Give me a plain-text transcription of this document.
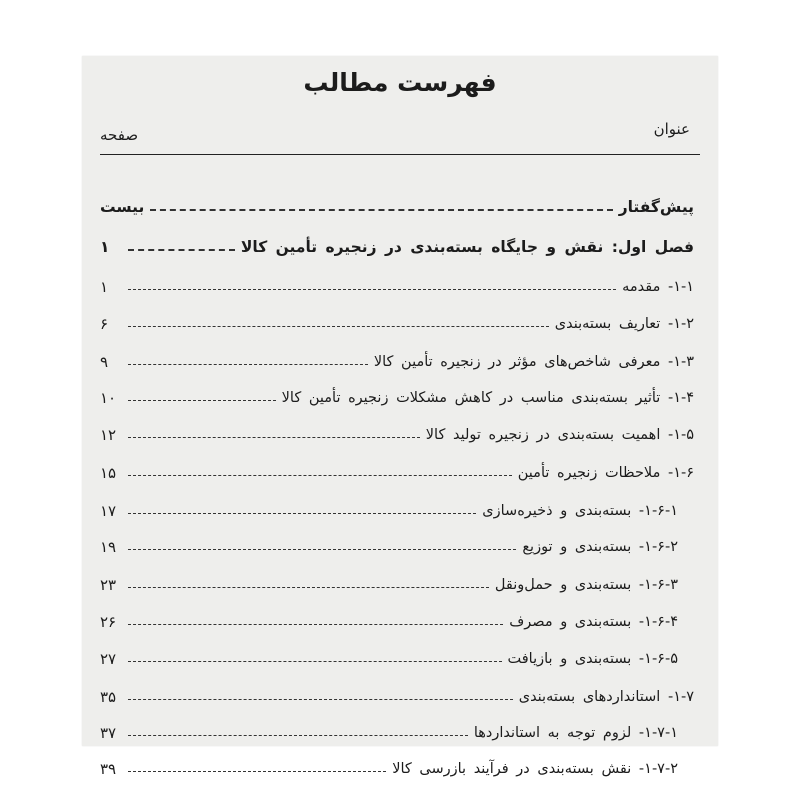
فهرست مطالب
عنوان
صفحه
پیش‌گفتار
بیست
فصل اول: نقش و جایگاه بسته‌بندی در زنجیره تأمین کالا
۱
۱-۱- مقدمه
۱
۱-۲- تعاریف بسته‌بندی
۶
۱-۳- معرفی شاخص‌های مؤثر در زنجیره تأمین کالا
۹
۱-۴- تأثیر بسته‌بندی مناسب در کاهش مشکلات زنجیره تأمین کالا
۱۰
۱-۵- اهمیت بسته‌بندی در زنجیره تولید کالا
۱۲
۱-۶- ملاحظات زنجیره تأمین
۱۵
۱-۶-۱- بسته‌بندی و ذخیره‌سازی
۱۷
۱-۶-۲- بسته‌بندی و توزیع
۱۹
۱-۶-۳- بسته‌بندی و حمل‌ونقل
۲۳
۱-۶-۴- بسته‌بندی و مصرف
۲۶
۱-۶-۵- بسته‌بندی و بازیافت
۲۷
۱-۷- استانداردهای بسته‌بندی
۳۵
۱-۷-۱- لزوم توجه به استانداردها
۳۷
۱-۷-۲- نقش بسته‌بندی در فرآیند بازرسی کالا
۳۹
